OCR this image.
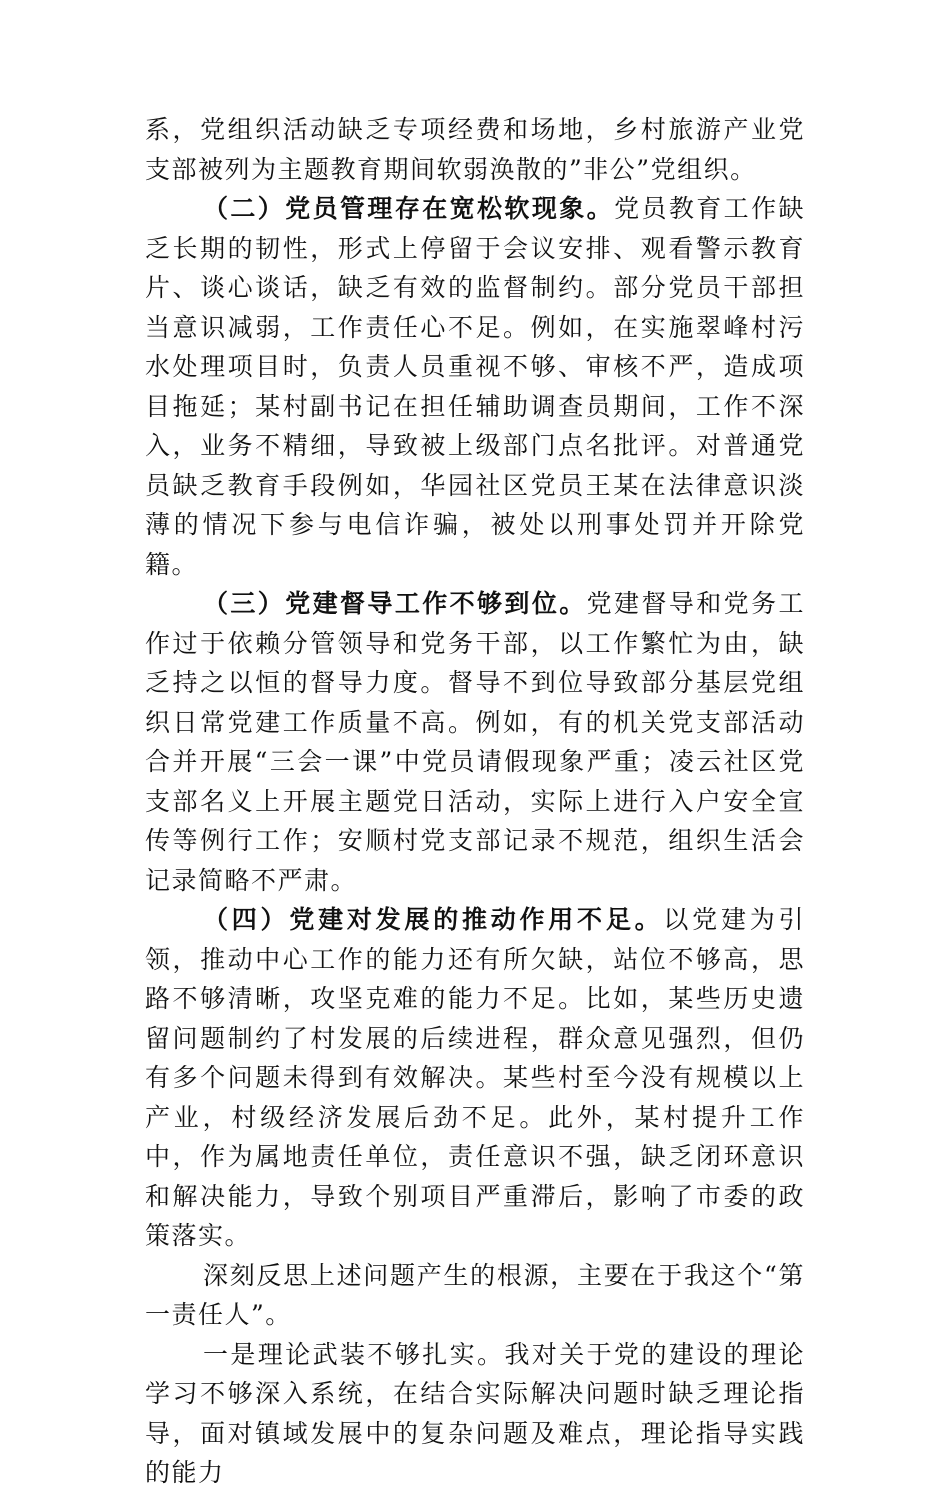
系，党组织活动缺乏专项经费和场地，乡村旅游产业党支部被列为主题教育期间软弱涣散的”非公”党组织。

（二）党员管理存在宽松软现象。党员教育工作缺乏长期的韧性，形式上停留于会议安排、观看警示教育片、谈心谈话，缺乏有效的监督制约。部分党员干部担当意识减弱，工作责任心不足。例如，在实施翠峰村污水处理项目时，负责人员重视不够、审核不严，造成项目拖延；某村副书记在担任辅助调查员期间，工作不深入，业务不精细，导致被上级部门点名批评。对普通党员缺乏教育手段例如，华园社区党员王某在法律意识淡薄的情况下参与电信诈骗，被处以刑事处罚并开除党籍。

（三）党建督导工作不够到位。党建督导和党务工作过于依赖分管领导和党务干部，以工作繁忙为由，缺乏持之以恒的督导力度。督导不到位导致部分基层党组织日常党建工作质量不高。例如，有的机关党支部活动合并开展“三会一课”中党员请假现象严重；凌云社区党支部名义上开展主题党日活动，实际上进行入户安全宣传等例行工作；安顺村党支部记录不规范，组织生活会记录简略不严肃。

（四）党建对发展的推动作用不足。以党建为引领，推动中心工作的能力还有所欠缺，站位不够高，思路不够清晰，攻坚克难的能力不足。比如，某些历史遗留问题制约了村发展的后续进程，群众意见强烈，但仍有多个问题未得到有效解决。某些村至今没有规模以上产业，村级经济发展后劲不足。此外，某村提升工作中，作为属地责任单位，责任意识不强，缺乏闭环意识和解决能力，导致个别项目严重滞后，影响了市委的政策落实。

深刻反思上述问题产生的根源，主要在于我这个“第一责任人”。

一是理论武装不够扎实。我对关于党的建设的理论学习不够深入系统，在结合实际解决问题时缺乏理论指导，面对镇域发展中的复杂问题及难点，理论指导实践的能力
